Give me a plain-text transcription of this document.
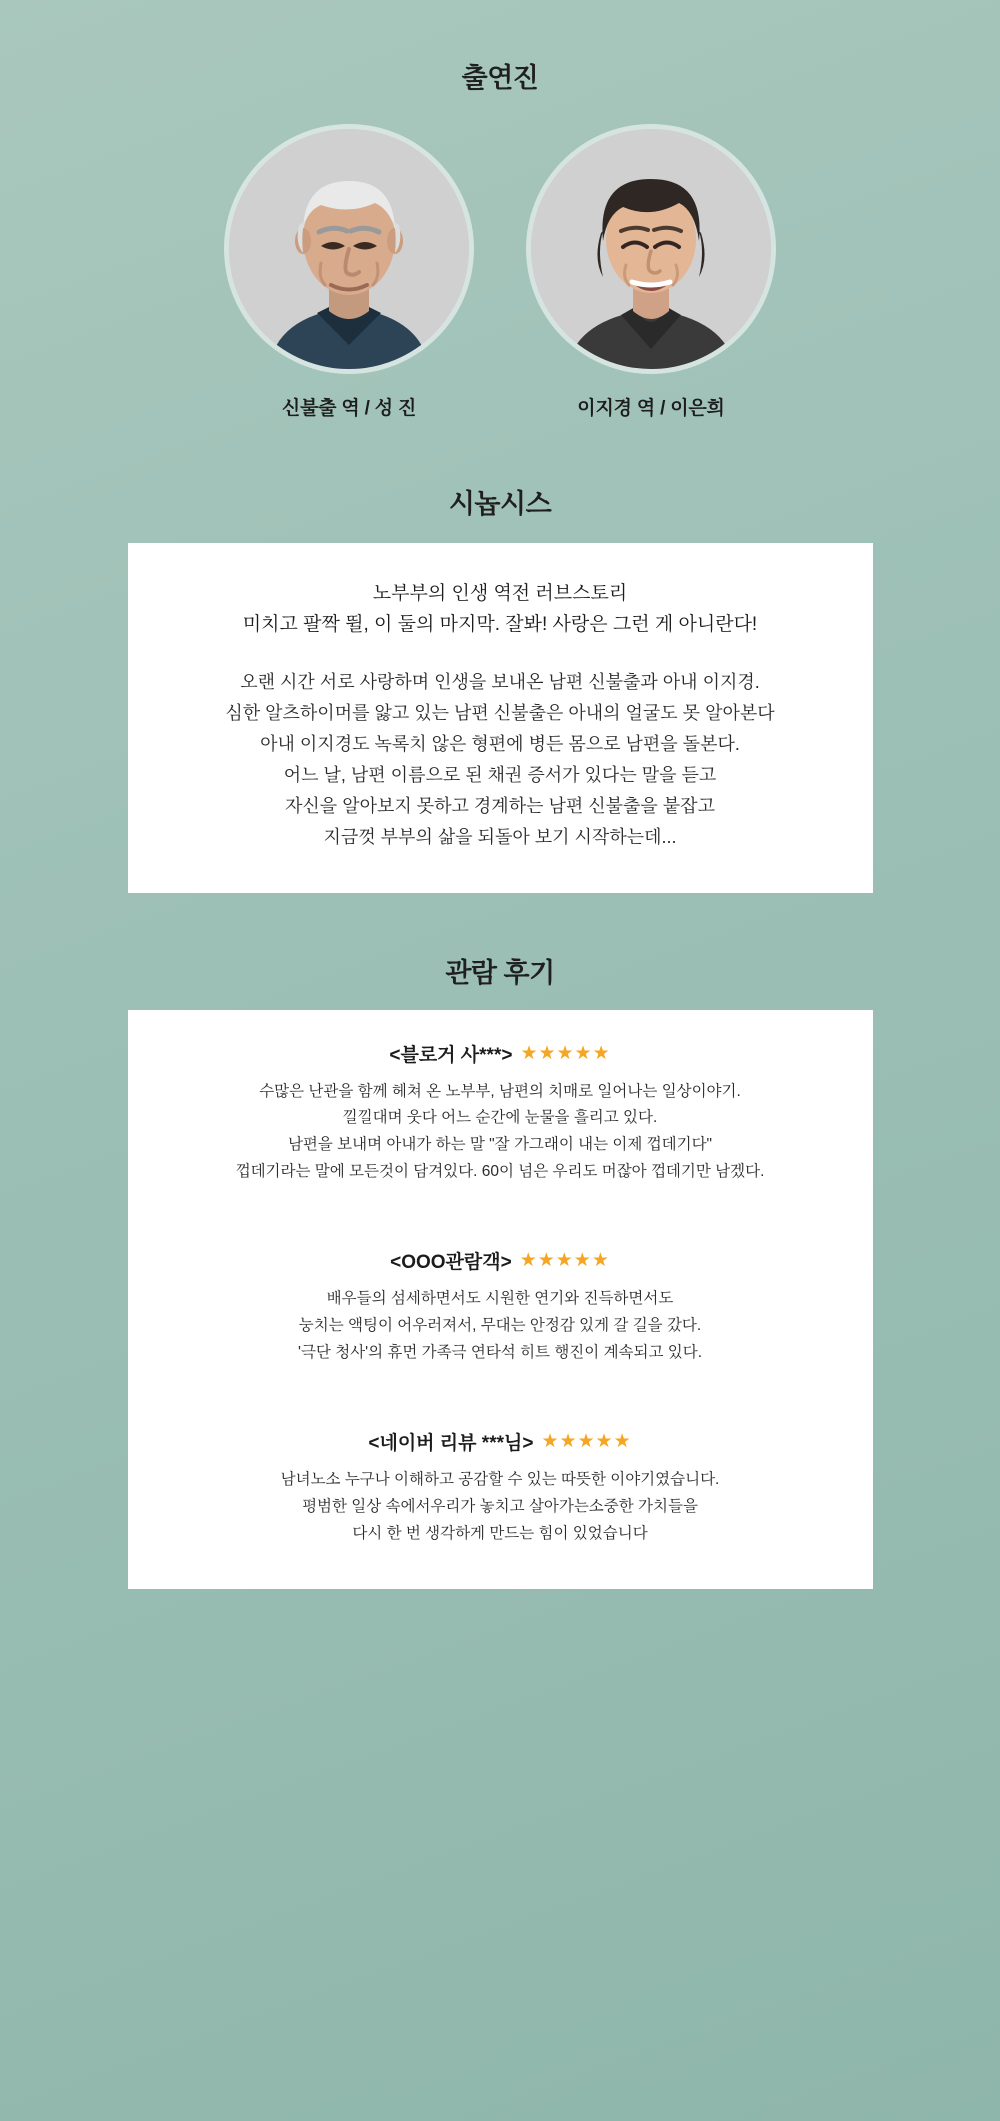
출연진
신불출 역 / 성 진	이지경 역 / 이은희
시놉시스
노부부의 인생 역전 러브스토리
미치고 팔짝 뛸, 이 둘의 마지막. 잘봐! 사랑은 그런 게 아니란다!
오랜 시간 서로 사랑하며 인생을 보내온 남편 신불출과 아내 이지경.
심한 알츠하이머를 앓고 있는 남편 신불출은 아내의 얼굴도 못 알아본다
아내 이지경도 녹록치 않은 형편에 병든 몸으로 남편을 돌본다.
어느 날, 남편 이름으로 된 채권 증서가 있다는 말을 듣고
자신을 알아보지 못하고 경계하는 남편 신불출을 붙잡고
지금껏 부부의 삶을 되돌아 보기 시작하는데...
관람 후기
<블로거 사***> ★★★★★
수많은 난관을 함께 헤쳐 온 노부부, 남편의 치매로 일어나는 일상이야기.
낄낄대며 웃다 어느 순간에 눈물을 흘리고 있다.
남편을 보내며 아내가 하는 말 "잘 가그래이 내는 이제 껍데기다"
껍데기라는 말에 모든것이 담겨있다. 60이 넘은 우리도 머잖아 껍데기만 남겠다.
<OOO관람객> ★★★★★
배우들의 섬세하면서도 시원한 연기와 진득하면서도
눙치는 액팅이 어우러져서, 무대는 안정감 있게 갈 길을 갔다.
'극단 청사'의 휴먼 가족극 연타석 히트 행진이 계속되고 있다.
<네이버 리뷰 ***님> ★★★★★
남녀노소 누구나 이해하고 공감할 수 있는 따뜻한 이야기였습니다.
평범한 일상 속에서우리가 놓치고 살아가는소중한 가치들을
다시 한 번 생각하게 만드는 힘이 있었습니다
